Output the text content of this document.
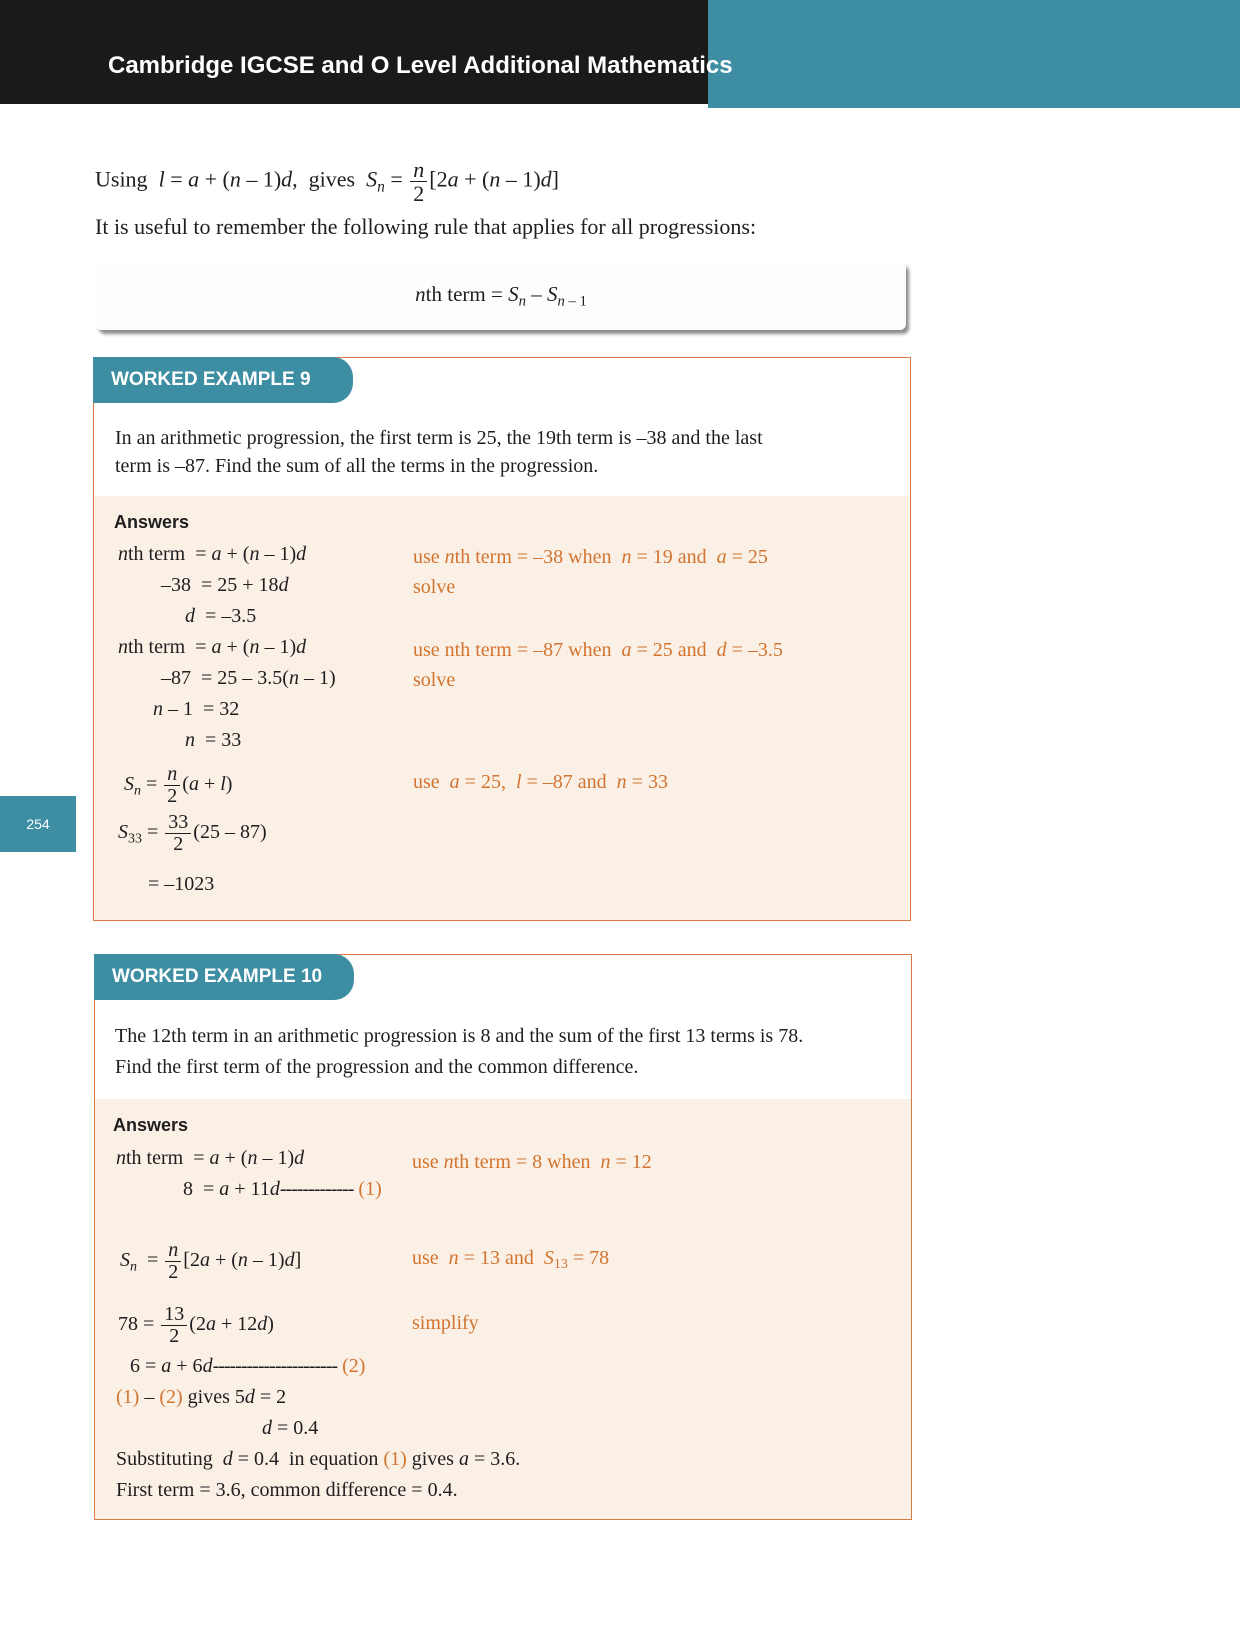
Cambridge IGCSE and O Level Additional Mathematics
254
Using l = a + (n – 1)d,  gives $S_n = \frac{n}{2} [2a + (n - 1)d]$
It is useful to remember the following rule that applies for all progressions:
nth term = $S_n - S_{n - 1}$
WORKED EXAMPLE 9
In an arithmetic progression, the first term is 25, the 19th term is –38 and the last
term is –87. Find the sum of all the terms in the progression.
Answers
nth term  = a + (n – 1)d
–38  = 25 + 18d
d  = –3.5
nth term  = a + (n – 1)d
–87  = 25 – 3.5(n – 1)
n – 1  = 32
n  = 33
$S_n = \frac{n}{2} (a + l)$
$S_{33} = \frac{33}{2} (25 - 87)$
= –1023
use nth term = –38 when n = 19 and a = 25
solve
use nth term = –87 when a = 25 and d = –3.5
solve
use a = 25, l = –87 and n = 33
WORKED EXAMPLE 10
The 12th term in an arithmetic progression is 8 and the sum of the first 13 terms is 78.
Find the first term of the progression and the common difference.
Answers
nth term  = a + (n – 1)d
8  = a + 11d------------- (1)
$S_n = \frac{n}{2} [2a + (n - 1)d]$
$78 = \frac{13}{2} (2a + 12d)$
6 = a + 6d---------------------- (2)
(1) – (2) gives 5d = 2
d = 0.4
Substituting d = 0.4  in equation (1) gives a = 3.6.
First term = 3.6, common difference = 0.4.
use nth term = 8 when n = 12
use n = 13 and $S_{13} = 78$
simplify
